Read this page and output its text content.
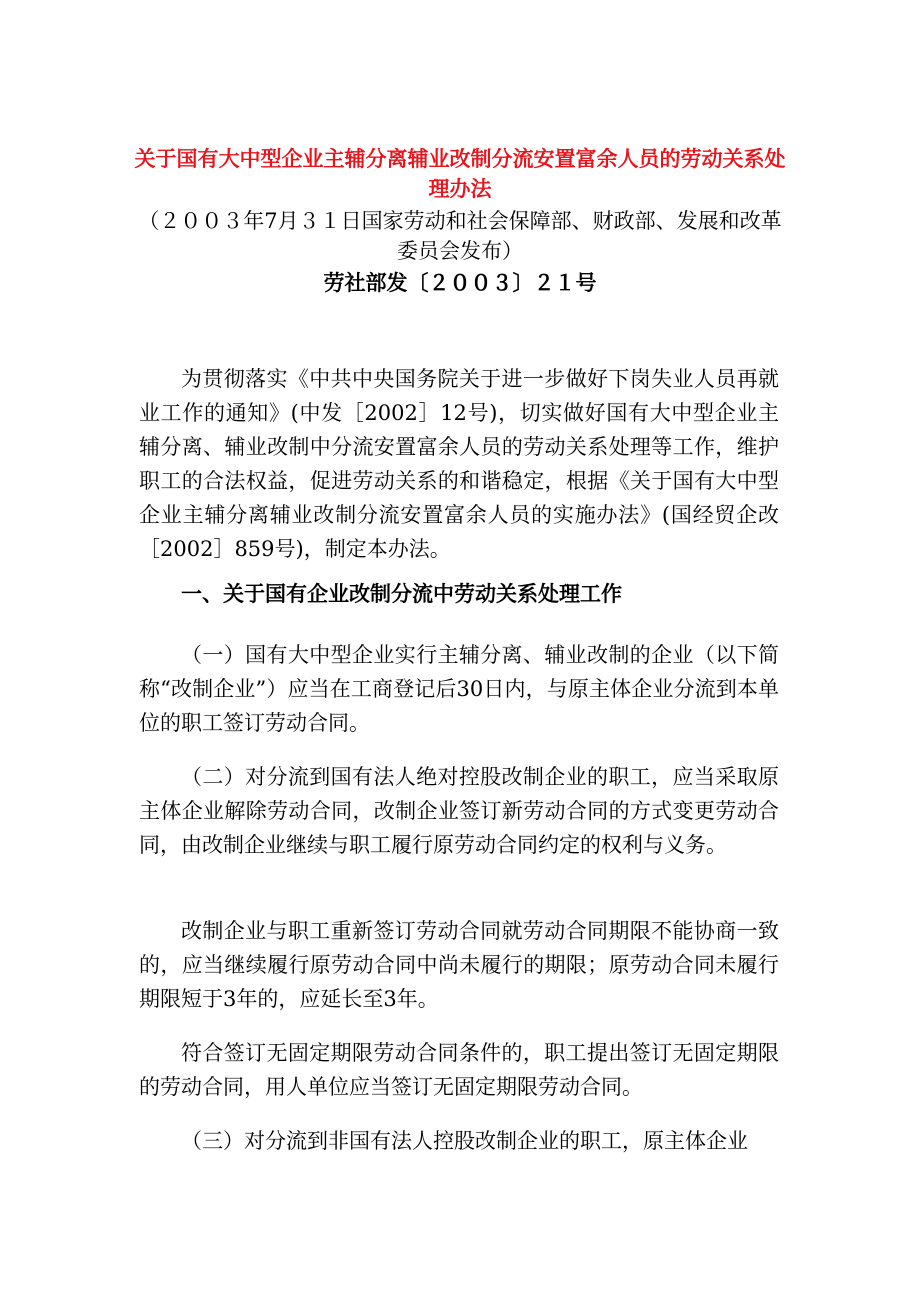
关于国有大中型企业主辅分离辅业改制分流安置富余人员的劳动关系处理办法

（２００３年7月３１日国家劳动和社会保障部、财政部、发展和改革委员会发布）

劳社部发〔２００３〕２１号

为贯彻落实《中共中央国务院关于进一步做好下岗失业人员再就业工作的通知》(中发［2002］12号)，切实做好国有大中型企业主辅分离、辅业改制中分流安置富余人员的劳动关系处理等工作，维护职工的合法权益，促进劳动关系的和谐稳定，根据《关于国有大中型企业主辅分离辅业改制分流安置富余人员的实施办法》(国经贸企改［2002］859号)，制定本办法。

一、关于国有企业改制分流中劳动关系处理工作

（一）国有大中型企业实行主辅分离、辅业改制的企业（以下简称“改制企业”）应当在工商登记后30日内，与原主体企业分流到本单位的职工签订劳动合同。

（二）对分流到国有法人绝对控股改制企业的职工，应当采取原主体企业解除劳动合同，改制企业签订新劳动合同的方式变更劳动合同，由改制企业继续与职工履行原劳动合同约定的权利与义务。

改制企业与职工重新签订劳动合同就劳动合同期限不能协商一致的，应当继续履行原劳动合同中尚未履行的期限；原劳动合同未履行期限短于3年的，应延长至3年。

符合签订无固定期限劳动合同条件的，职工提出签订无固定期限的劳动合同，用人单位应当签订无固定期限劳动合同。

（三）对分流到非国有法人控股改制企业的职工，原主体企业
